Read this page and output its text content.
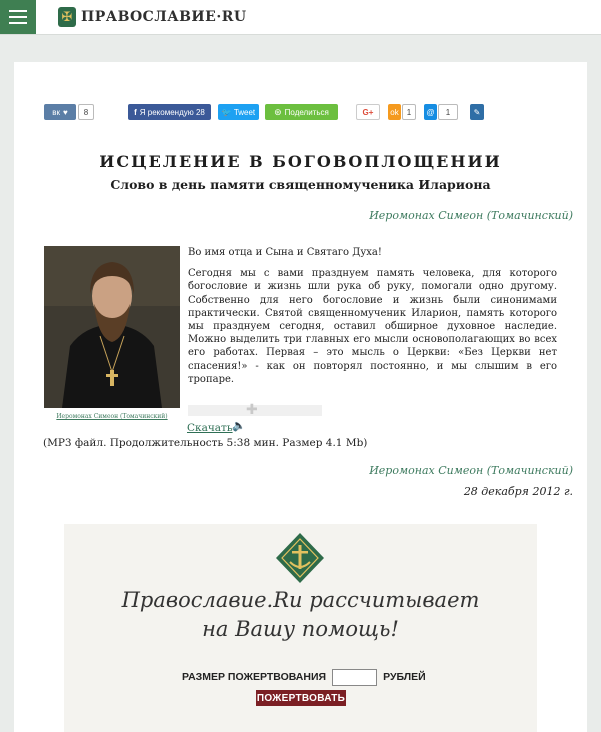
✠ ПРАВОСЛАВИЕ·RU
вк ♥	8	f Я рекомендую 28 🐦 Tweet ⊛ Поделиться	G+ ok	1	@	1	✎
ИСЦЕЛЕНИЕ В БОГОВОПЛОЩЕНИИ
Слово в день памяти священномученика Илариона
Иеромонах Симеон (Томачинский)
Иеромонах Симеон (Томачинский)

Во имя отца и Сына и Святаго Духа!

Сегодня мы с вами празднуем память человека, для которого богословие и жизнь шли рука об руку, помогали одно другому. Собственно для него богословие и жизнь были синонимами практически. Святой священномученик Иларион, память которого мы празднуем сегодня, оставил обширное духовное наследие. Можно выделить три главных его мысли основополагающих во всех его работах. Первая – это мысль о Церкви: «Без Церкви нет спасения!» - как он повторял постоянно, и мы слышим в его тропаре.

✚
Скачать 🔈
(МР3 файл. Продолжительность 5:38 мин. Размер 4.1 Mb)
Иеромонах Симеон (Томачинский)
28 декабря 2012 г.
Православие.Ru рассчитывает
на Вашу помощь!
РАЗМЕР ПОЖЕРТВОВАНИЯ	РУБЛЕЙ
ПОЖЕРТВОВАТЬ
